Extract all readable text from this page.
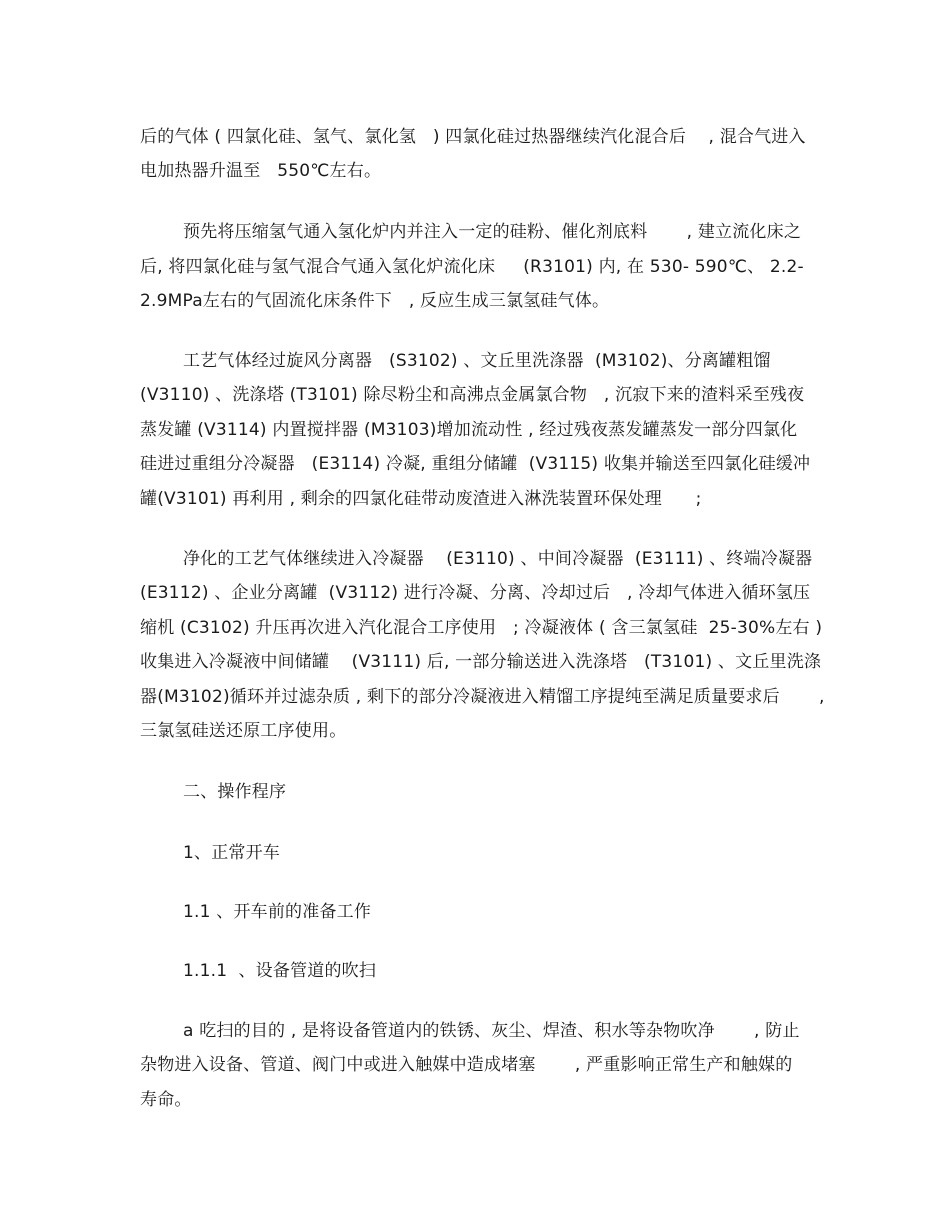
后的气体 ( 四氯化硅、氢气、氯化氢   ) 四氯化硅过热器继续汽化混合后    , 混合气进入
电加热器升温至   550℃左右。
预先将压缩氢气通入氢化炉内并注入一定的硅粉、催化剂底料       , 建立流化床之
后, 将四氯化硅与氢气混合气通入氢化炉流化床     (R3101) 内, 在 530- 590℃、 2.2-
2.9MPa左右的气固流化床条件下   , 反应生成三氯氢硅气体。
工艺气体经过旋风分离器   (S3102) 、文丘里洗涤器  (M3102)、分离罐粗馏
(V3110) 、洗涤塔 (T3101) 除尽粉尘和高沸点金属氯合物   , 沉寂下来的渣料采至残夜
蒸发罐 (V3114) 内置搅拌器 (M3103)增加流动性 , 经过残夜蒸发罐蒸发一部分四氯化
硅进过重组分冷凝器   (E3114) 冷凝, 重组分储罐  (V3115) 收集并输送至四氯化硅缓冲
罐(V3101) 再利用 , 剩余的四氯化硅带动废渣进入淋洗装置环保处理      ;
净化的工艺气体继续进入冷凝器    (E3110) 、中间冷凝器  (E3111) 、终端冷凝器
(E3112) 、企业分离罐  (V3112) 进行冷凝、分离、冷却过后   , 冷却气体进入循环氢压
缩机 (C3102) 升压再次进入汽化混合工序使用   ; 冷凝液体 ( 含三氯氢硅  25-30%左右 )
收集进入冷凝液中间储罐    (V3111) 后, 一部分输送进入洗涤塔   (T3101) 、文丘里洗涤
器(M3102)循环并过滤杂质 , 剩下的部分冷凝液进入精馏工序提纯至满足质量要求后       ,
三氯氢硅送还原工序使用。
二、操作程序
1、正常开车
1.1 、开车前的准备工作
1.1.1  、设备管道的吹扫
a 吃扫的目的 , 是将设备管道内的铁锈、灰尘、焊渣、积水等杂物吹净       , 防止
杂物进入设备、管道、阀门中或进入触媒中造成堵塞       , 严重影响正常生产和触媒的
寿命。
